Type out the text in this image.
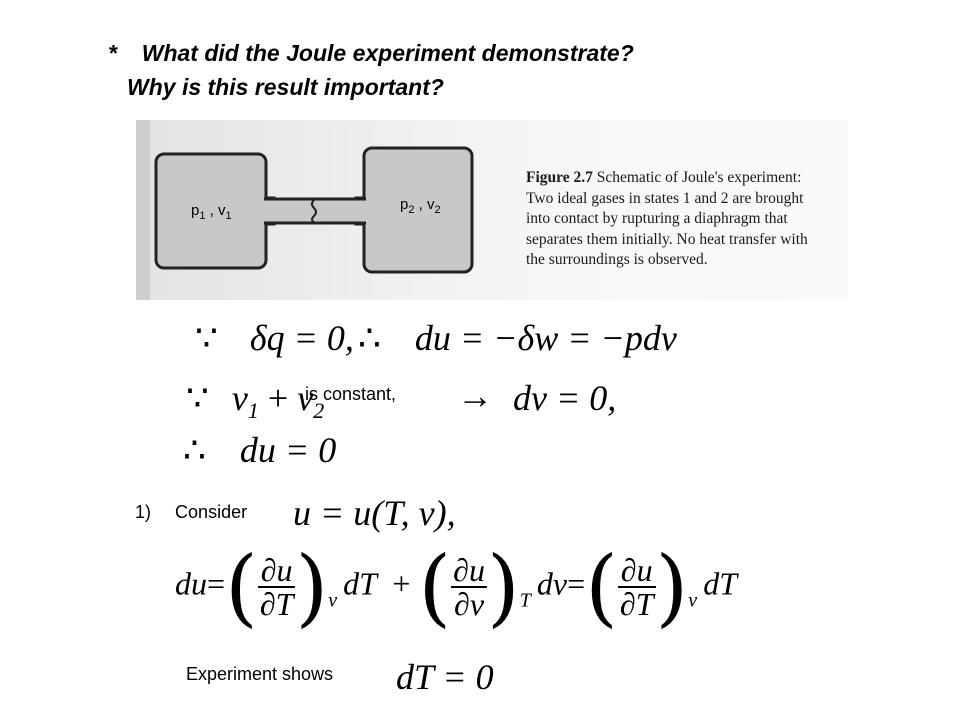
* What did the Joule experiment demonstrate?
Why is this result important?
$p_1$ , $v_1$
$p_2$ , $v_2$
Figure 2.7 Schematic of Joule's experiment: Two ideal gases in states 1 and 2 are brought into contact by rupturing a diaphragm that separates them initially. No heat transfer with the surroundings is observed.
∵ δq = 0, ∴ du = −δw = −pdv
∵ $v_1 + v_2$
is constant, → dv = 0,
∴ du = 0
1) Consider u = u(T, v),
$du=( \frac{\partial u}{\partial T} )_v$ dT  + ( $\frac{\partial u}{\partial v} )_T$ $dv=( \frac{\partial u}{\partial T} )_v$ dT
Experiment shows dT = 0
